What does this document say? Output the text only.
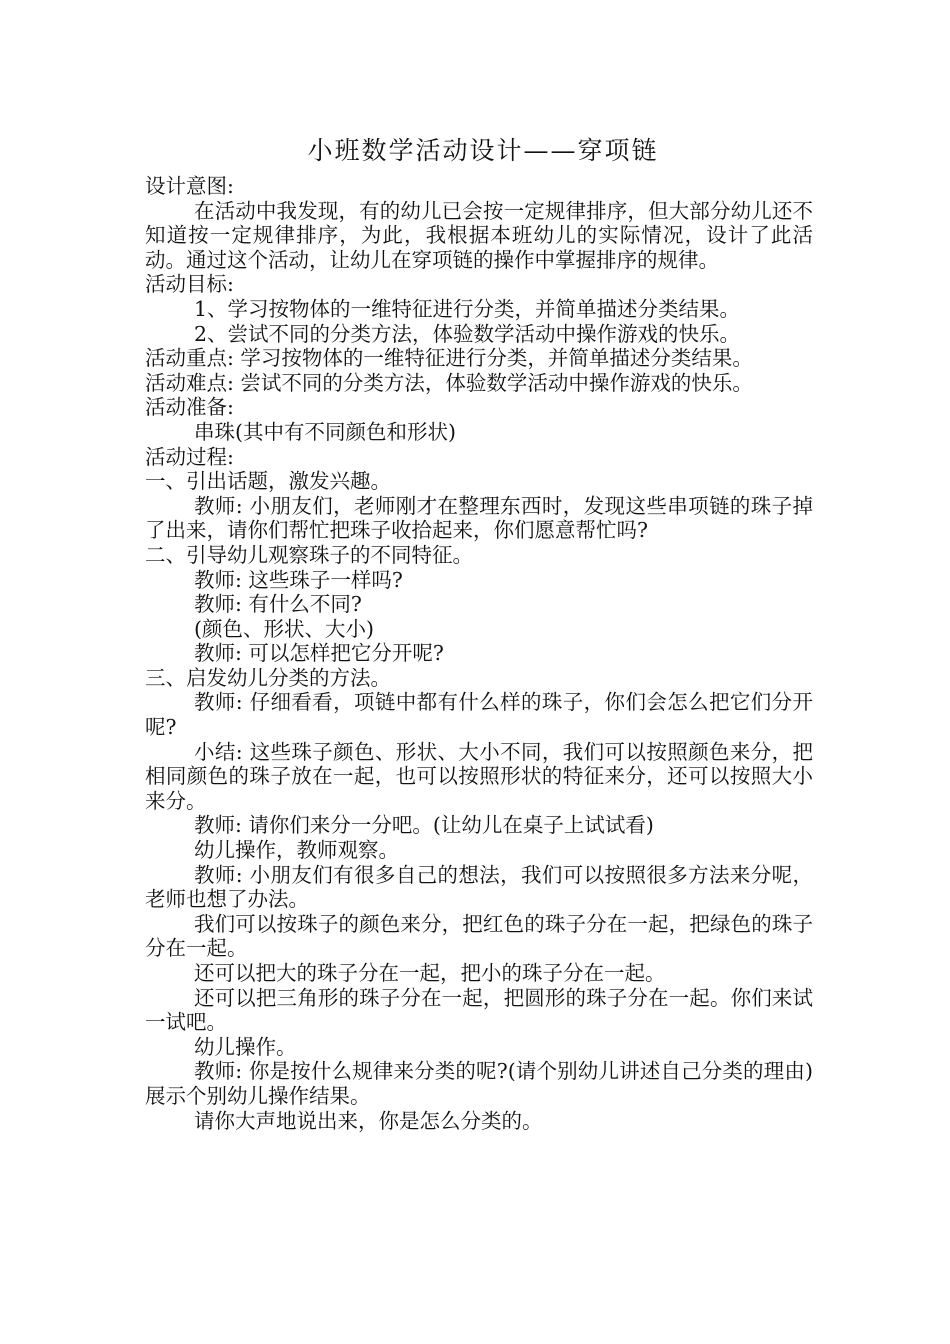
小班数学活动设计——穿项链

设计意图:

在活动中我发现，有的幼儿已会按一定规律排序，但大部分幼儿还不知道按一定规律排序，为此，我根据本班幼儿的实际情况，设计了此活动。通过这个活动，让幼儿在穿项链的操作中掌握排序的规律。

活动目标:

1、学习按物体的一维特征进行分类，并简单描述分类结果。

2、尝试不同的分类方法，体验数学活动中操作游戏的快乐。

活动重点: 学习按物体的一维特征进行分类，并简单描述分类结果。

活动难点: 尝试不同的分类方法，体验数学活动中操作游戏的快乐。

活动准备:

串珠(其中有不同颜色和形状)

活动过程:

一、引出话题，激发兴趣。

教师: 小朋友们，老师刚才在整理东西时，发现这些串项链的珠子掉了出来，请你们帮忙把珠子收拾起来，你们愿意帮忙吗?

二、引导幼儿观察珠子的不同特征。

教师: 这些珠子一样吗?

教师: 有什么不同?

(颜色、形状、大小)

教师: 可以怎样把它分开呢?

三、启发幼儿分类的方法。

教师: 仔细看看，项链中都有什么样的珠子，你们会怎么把它们分开呢?

小结: 这些珠子颜色、形状、大小不同，我们可以按照颜色来分，把相同颜色的珠子放在一起，也可以按照形状的特征来分，还可以按照大小来分。

教师: 请你们来分一分吧。(让幼儿在桌子上试试看)

幼儿操作，教师观察。

教师: 小朋友们有很多自己的想法，我们可以按照很多方法来分呢，老师也想了办法。

我们可以按珠子的颜色来分，把红色的珠子分在一起，把绿色的珠子分在一起。

还可以把大的珠子分在一起，把小的珠子分在一起。

还可以把三角形的珠子分在一起，把圆形的珠子分在一起。你们来试一试吧。

幼儿操作。

教师: 你是按什么规律来分类的呢?(请个别幼儿讲述自己分类的理由)展示个别幼儿操作结果。

请你大声地说出来，你是怎么分类的。
